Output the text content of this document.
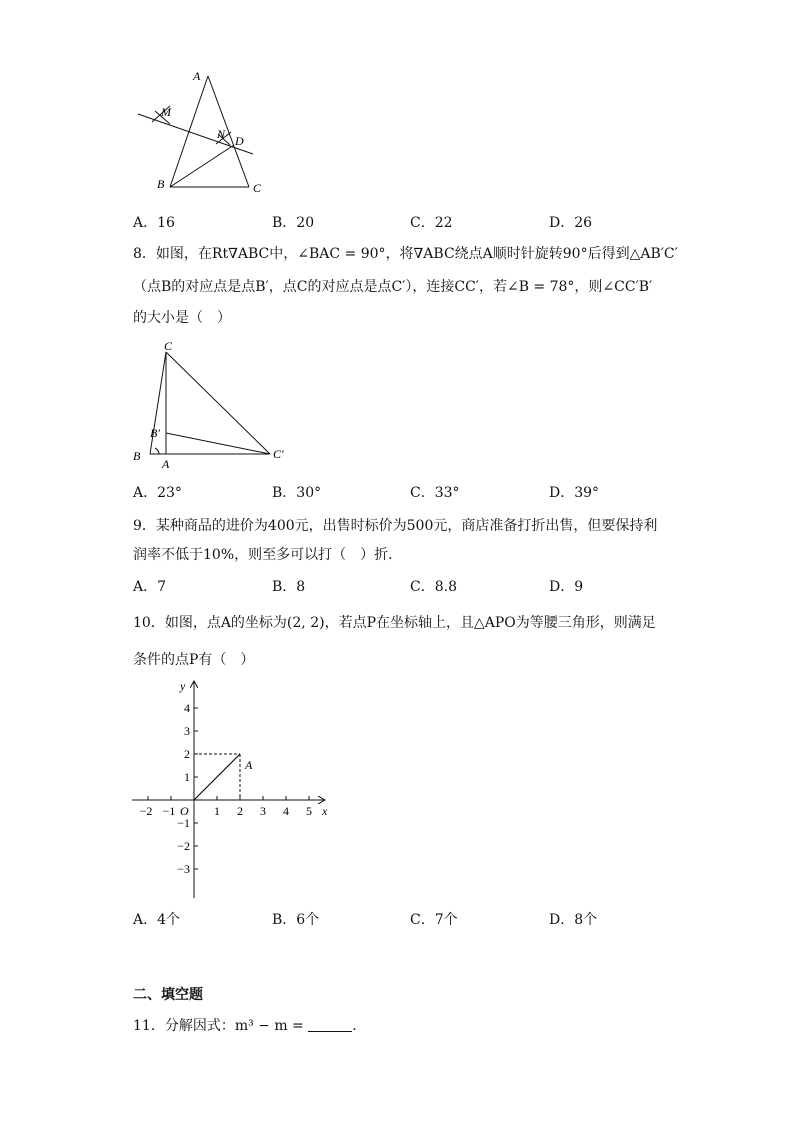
A
M
N D
B	C
A．16	B．20	C．22	D．26
8．如图，在Rt∇ABC中，∠BAC = 90°，将∇ABC绕点A顺时针旋转90°后得到△AB′C′
（点B的对应点是点B′，点C的对应点是点C′），连接CC′，若∠B = 78°，则∠CC′B′
的大小是（　）
C
B′
B
A
C′
A．23°	B．30°	C．33°	D．39°
9．某种商品的进价为400元，出售时标价为500元，商店准备打折出售，但要保持利
润率不低于10%，则至多可以打（　）折．
A．7	B．8	C．8.8	D．9
10．如图，点A的坐标为(2, 2)，若点P在坐标轴上，且△APO为等腰三角形，则满足
条件的点P有（　）
y
x
O
A
−2 −1	1 2 3 4 5
4
3
2
1
−1
−2
−3
A．4个	B．6个	C．7个	D．8个
二、填空题
11．分解因式：m³ − m =	．
